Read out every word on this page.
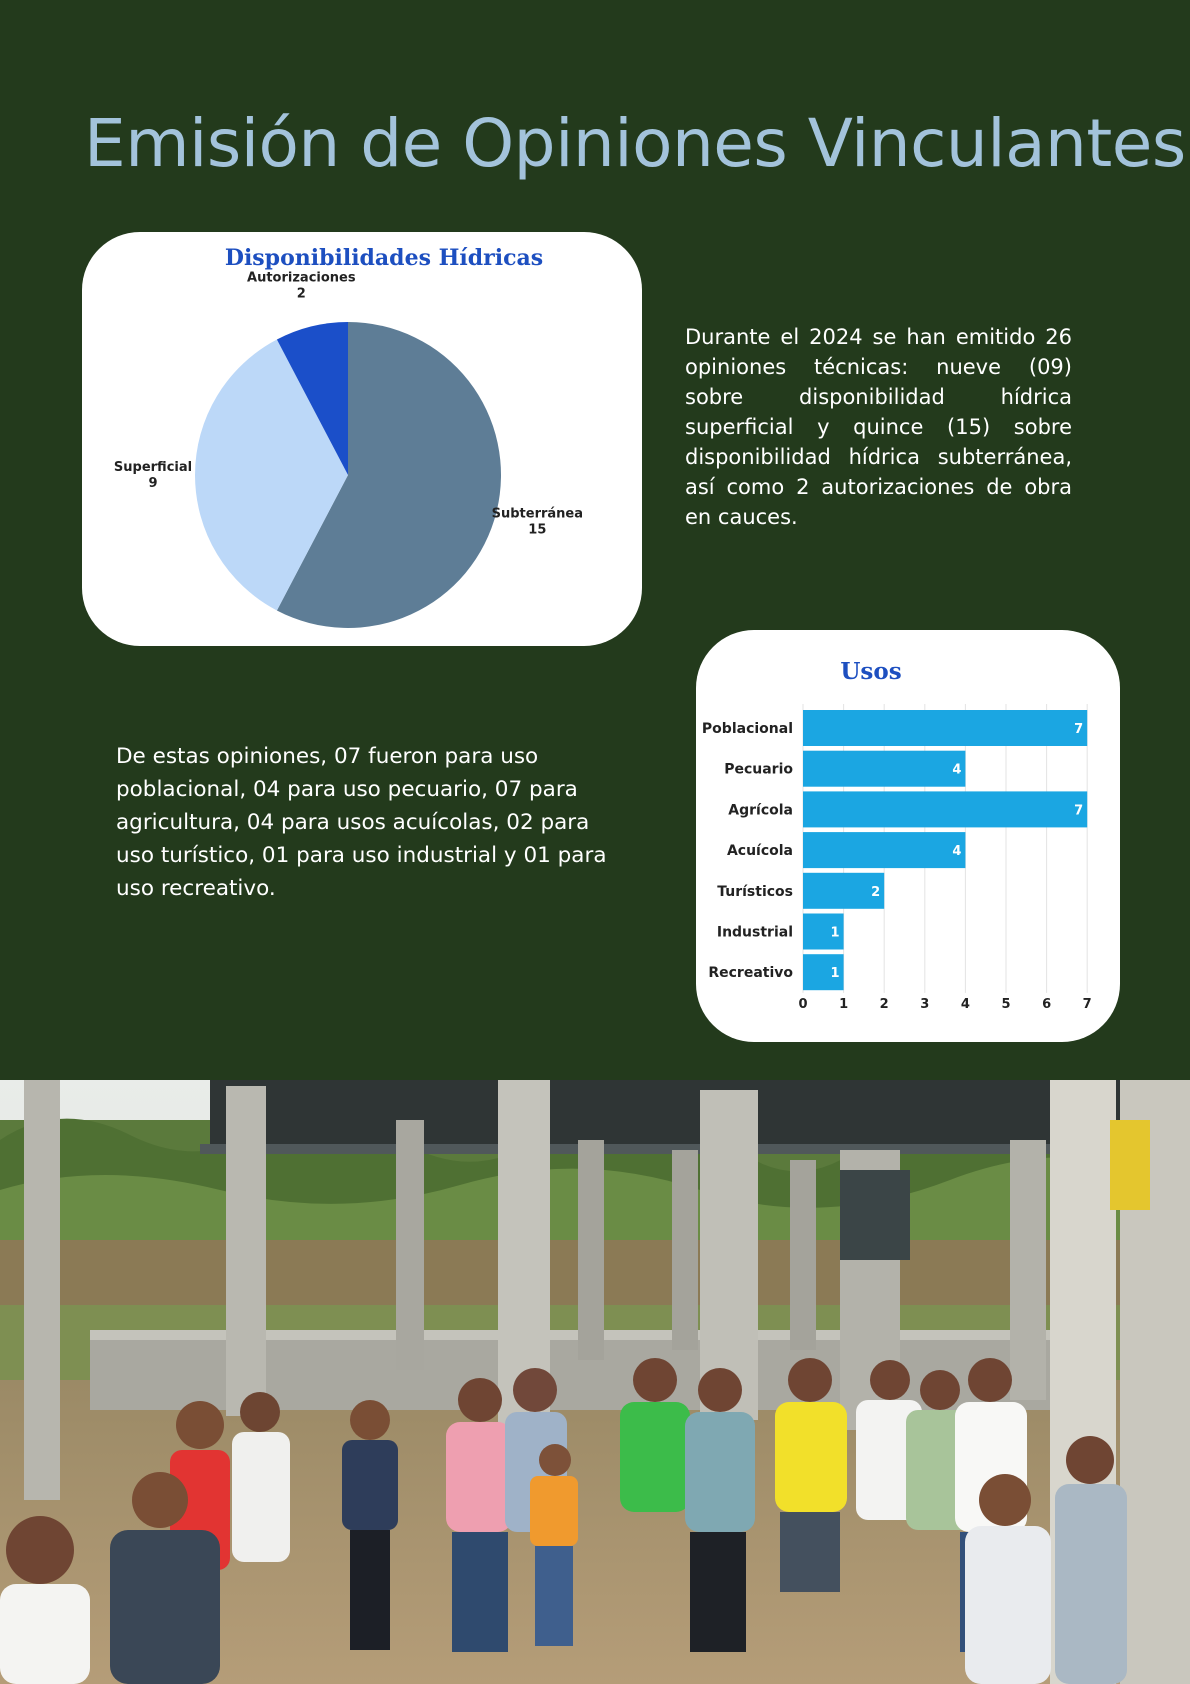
Emisión de Opiniones Vinculantes
Disponibilidades Hídricas
Subterránea
15
Superficial
9
Autorizaciones
2

Durante el 2024 se han emitido 26 opiniones técnicas: nueve (09) sobre disponibilidad hídrica superficial y quince (15) sobre disponibilidad hídrica subterránea, así como 2 autorizaciones de obra en cauces.

De estas opiniones, 07 fueron para uso poblacional, 04 para uso pecuario, 07 para agricultura, 04 para usos acuícolas, 02 para uso turístico, 01 para uso industrial y 01 para uso recreativo.

Usos
7
4
7
4
2
1
1
Poblacional
Pecuario
Agrícola
Acuícola
Turísticos
Industrial
Recreativo
0 1 2 3 4 5 6 7
